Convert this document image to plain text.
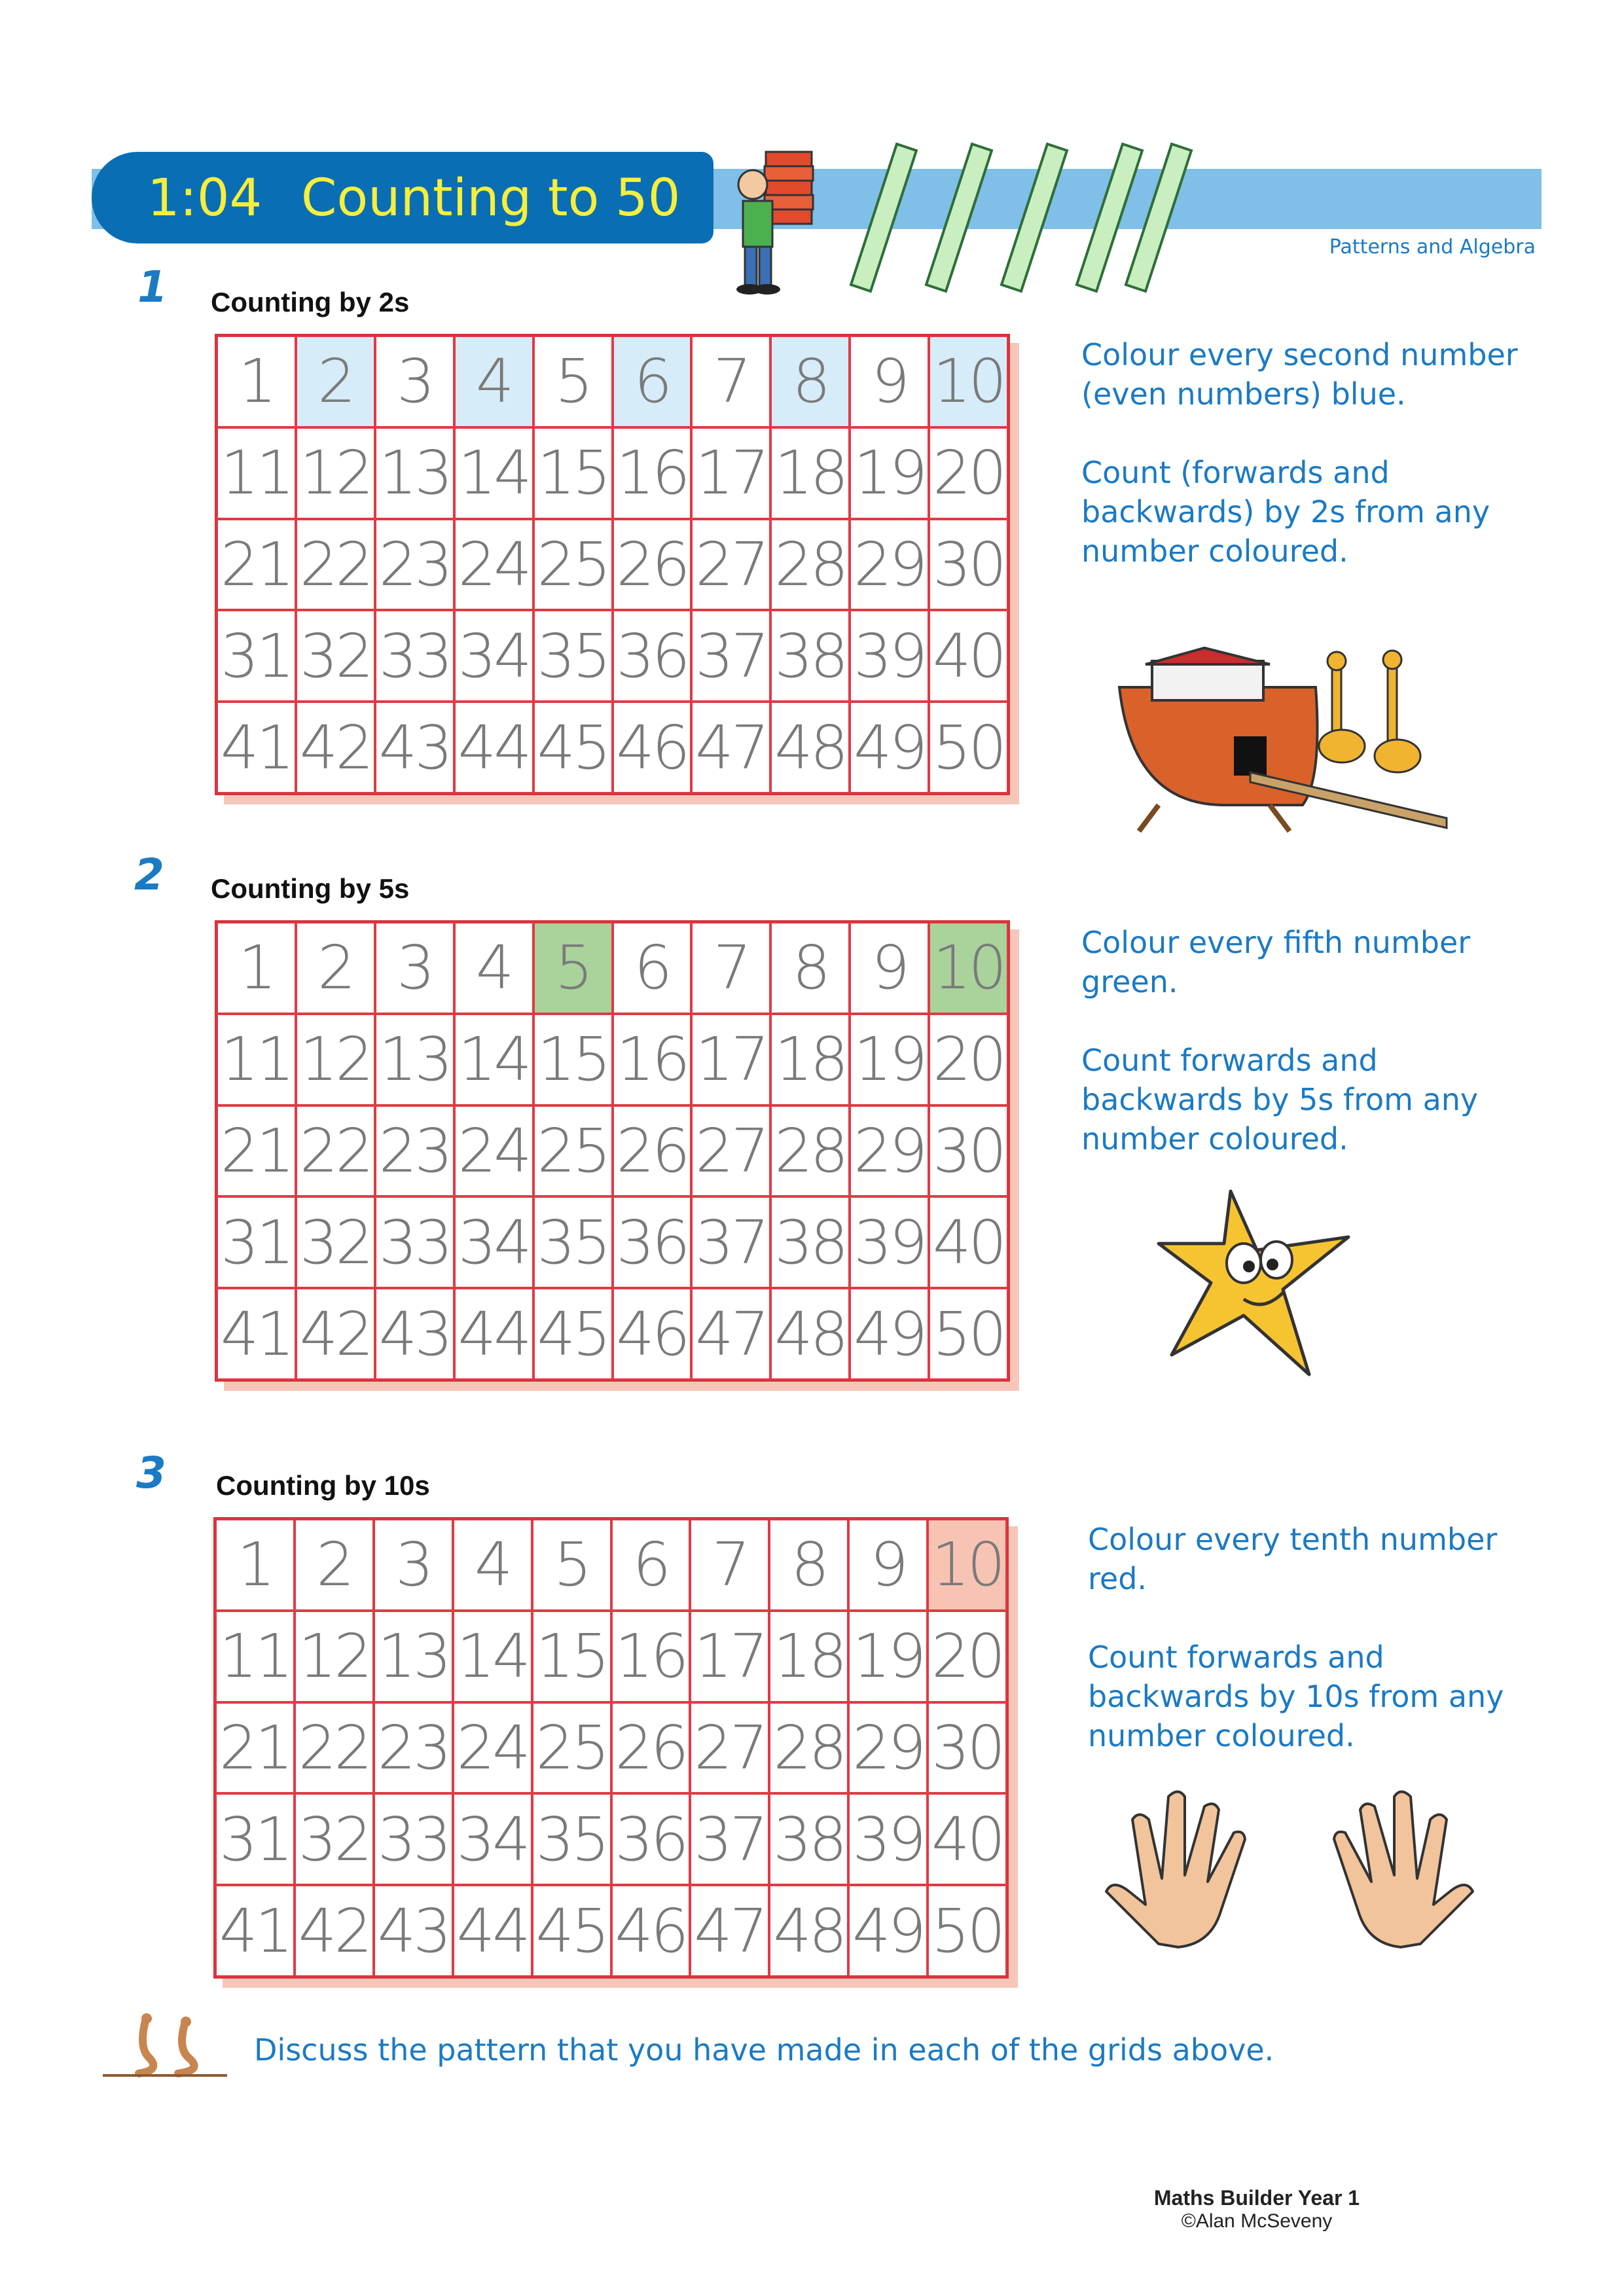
1:04 Counting to 50
Patterns and Algebra
1 Counting by 2s
1 2 3 4 5 6 7 8 9 10
11 12 13 14 15 16 17 18 19 20
21 22 23 24 25 26 27 28 29 30
31 32 33 34 35 36 37 38 39 40
41 42 43 44 45 46 47 48 49 50

Colour every second number (even numbers) blue.

Count (forwards and backwards) by 2s from any number coloured.

2 Counting by 5s
1 2 3 4 5 6 7 8 9 10
11 12 13 14 15 16 17 18 19 20
21 22 23 24 25 26 27 28 29 30
31 32 33 34 35 36 37 38 39 40
41 42 43 44 45 46 47 48 49 50

Colour every fifth number green.

Count forwards and backwards by 5s from any number coloured.

3 Counting by 10s
1 2 3 4 5 6 7 8 9 10
11 12 13 14 15 16 17 18 19 20
21 22 23 24 25 26 27 28 29 30
31 32 33 34 35 36 37 38 39 40
41 42 43 44 45 46 47 48 49 50

Colour every tenth number red.

Count forwards and backwards by 10s from any number coloured.

Discuss the pattern that you have made in each of the grids above.
Maths Builder Year 1
©Alan McSeveny
